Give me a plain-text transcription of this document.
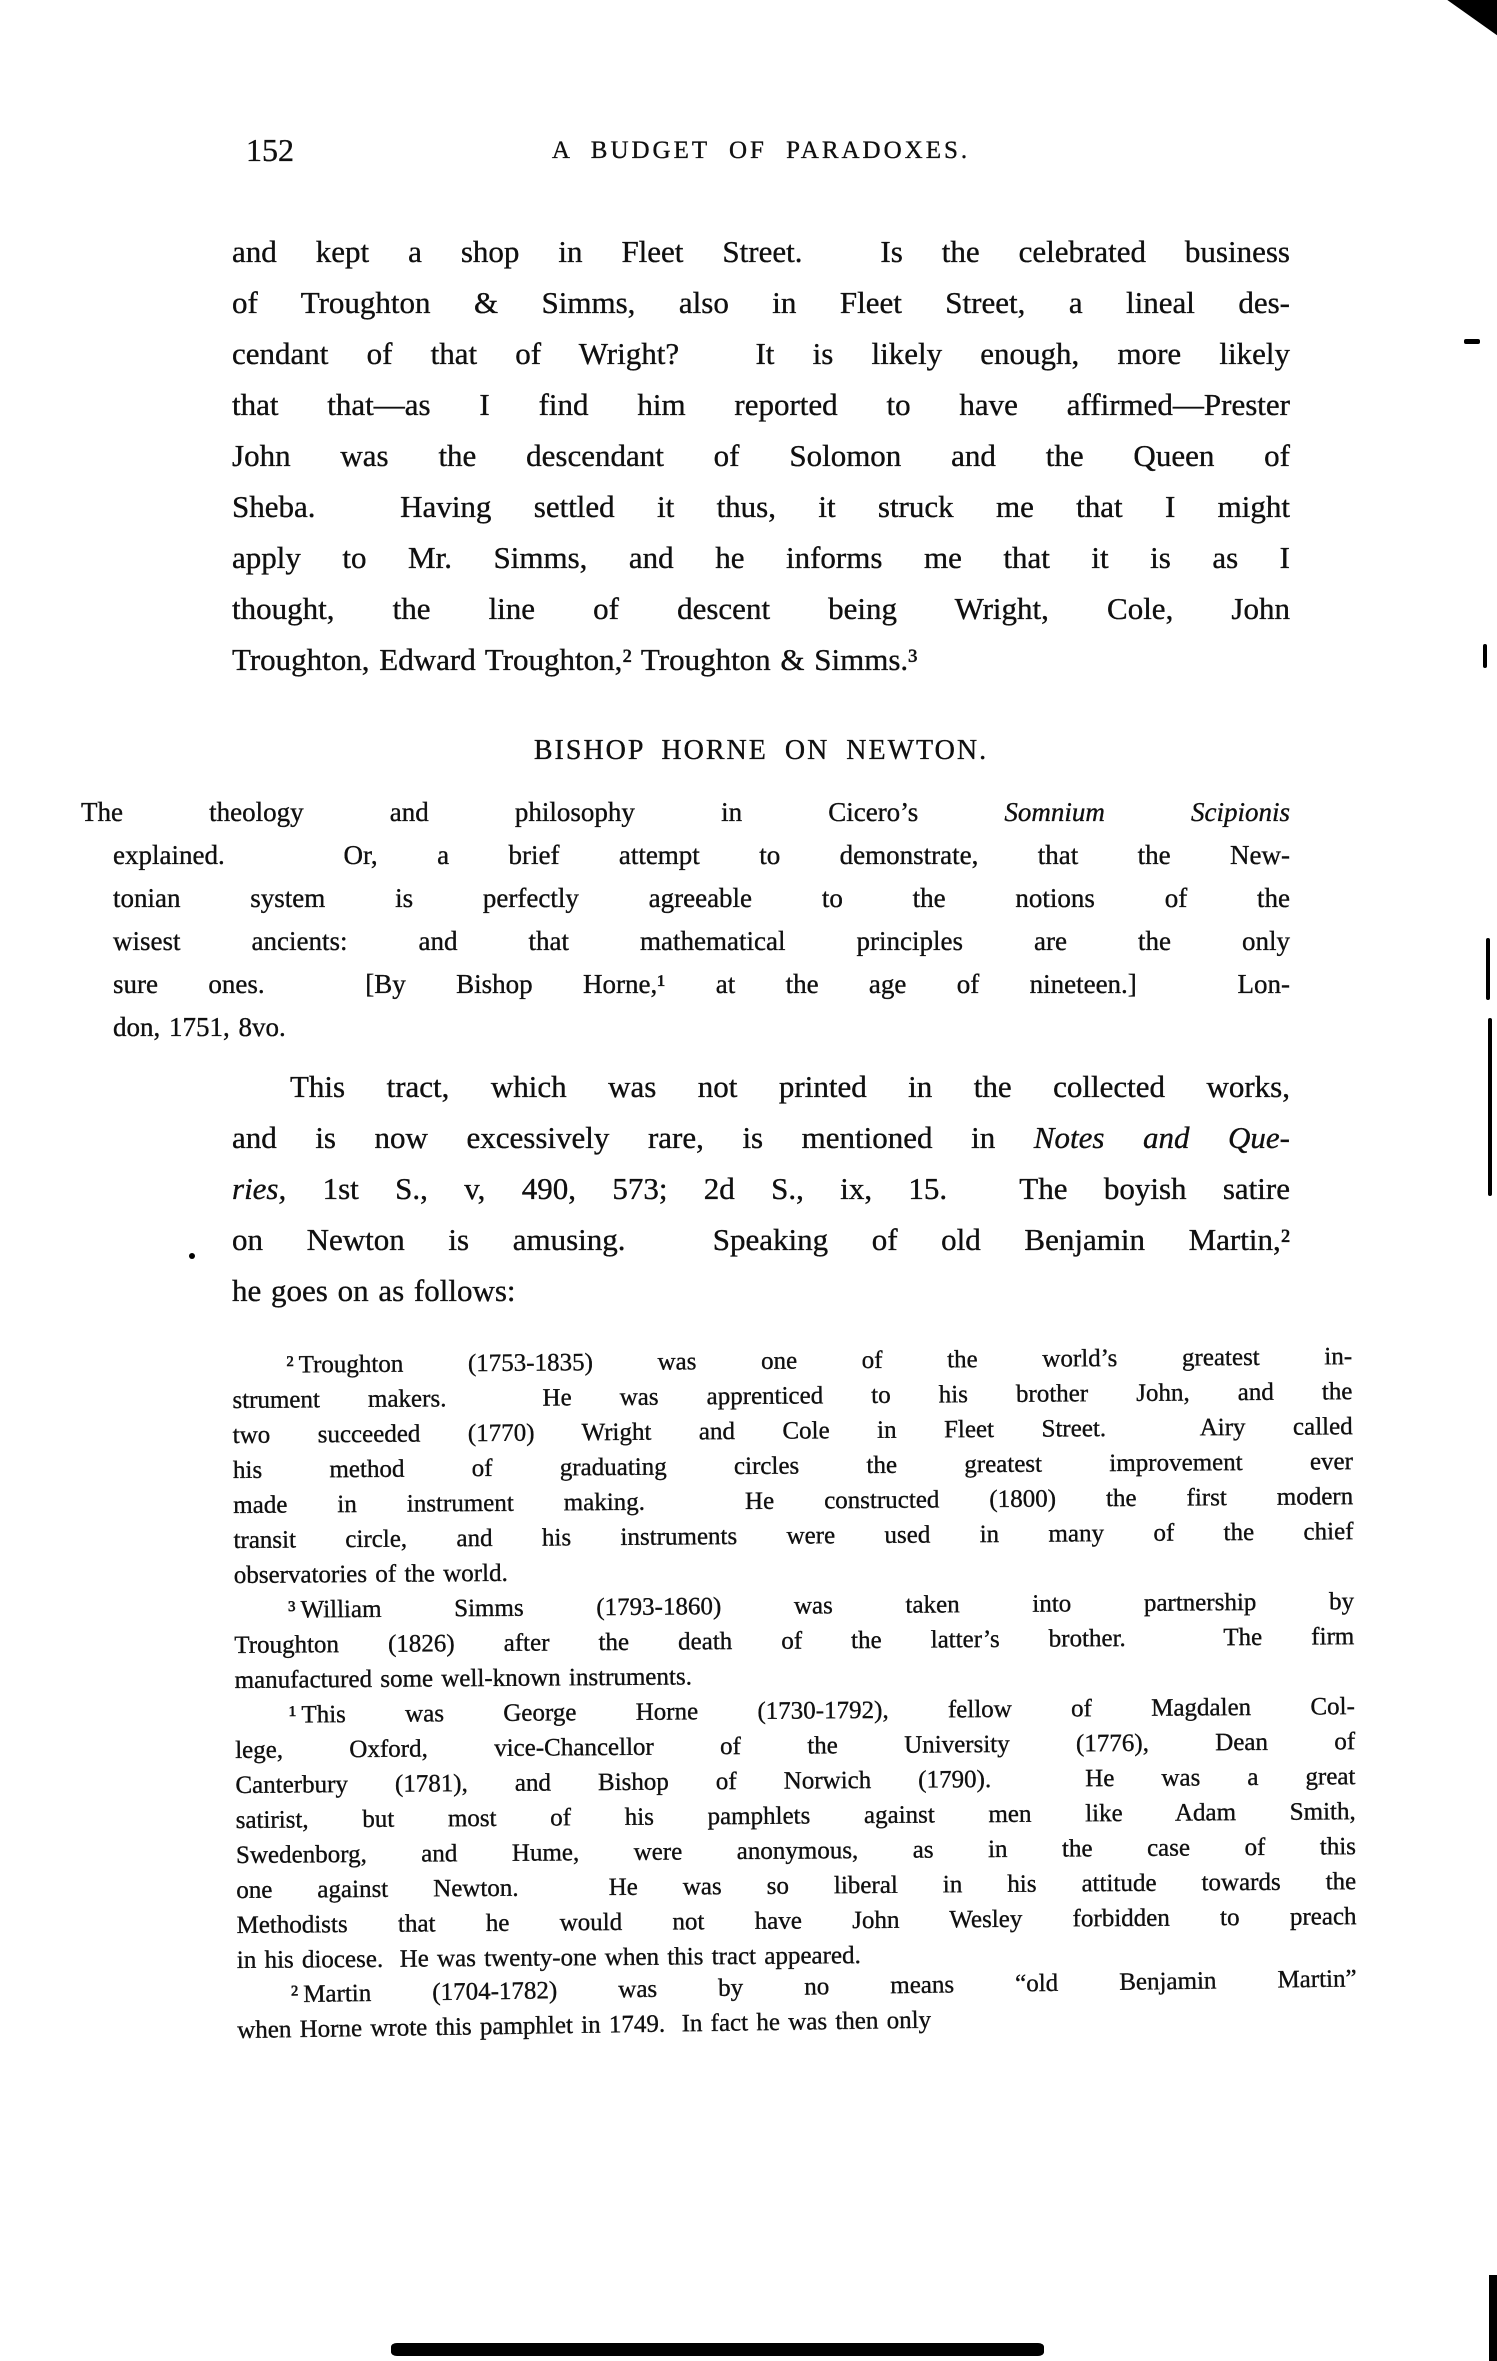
152	A BUDGET OF PARADOXES.
and kept a shop in Fleet Street.  Is the celebrated business
of Troughton & Simms, also in Fleet Street, a lineal des-
cendant of that of Wright?  It is likely enough, more likely
that that—as I find him reported to have affirmed—Prester
John was the descendant of Solomon and the Queen of
Sheba.  Having settled it thus, it struck me that I might
apply to Mr. Simms, and he informs me that it is as I
thought, the line of descent being Wright, Cole, John
Troughton, Edward Troughton,² Troughton & Simms.³
BISHOP HORNE ON NEWTON.
The theology and philosophy in Cicero’s Somnium Scipionis
explained.  Or, a brief attempt to demonstrate, that the New-
tonian system is perfectly agreeable to the notions of the
wisest ancients: and that mathematical principles are the only
sure ones.  [By Bishop Horne,¹ at the age of nineteen.]  Lon-
don, 1751, 8vo.
This tract, which was not printed in the collected works,
and is now excessively rare, is mentioned in Notes and Que-
ries, 1st S., v, 490, 573; 2d S., ix, 15.  The boyish satire
on Newton is amusing.  Speaking of old Benjamin Martin,²
he goes on as follows:
² Troughton (1753-1835) was one of the world’s greatest in-
strument makers.  He was apprenticed to his brother John, and the
two succeeded (1770) Wright and Cole in Fleet Street.  Airy called
his method of graduating circles the greatest improvement ever
made in instrument making.  He constructed (1800) the first modern
transit circle, and his instruments were used in many of the chief
observatories of the world.
³ William Simms (1793-1860) was taken into partnership by
Troughton (1826) after the death of the latter’s brother.  The firm
manufactured some well-known instruments.
¹ This was George Horne (1730-1792), fellow of Magdalen Col-
lege, Oxford, vice-Chancellor of the University (1776), Dean of
Canterbury (1781), and Bishop of Norwich (1790).  He was a great
satirist, but most of his pamphlets against men like Adam Smith,
Swedenborg, and Hume, were anonymous, as in the case of this
one against Newton.  He was so liberal in his attitude towards the
Methodists that he would not have John Wesley forbidden to preach
in his diocese.  He was twenty-one when this tract appeared.
² Martin (1704-1782) was by no means “old Benjamin Martin”
when Horne wrote this pamphlet in 1749.  In fact he was then only
